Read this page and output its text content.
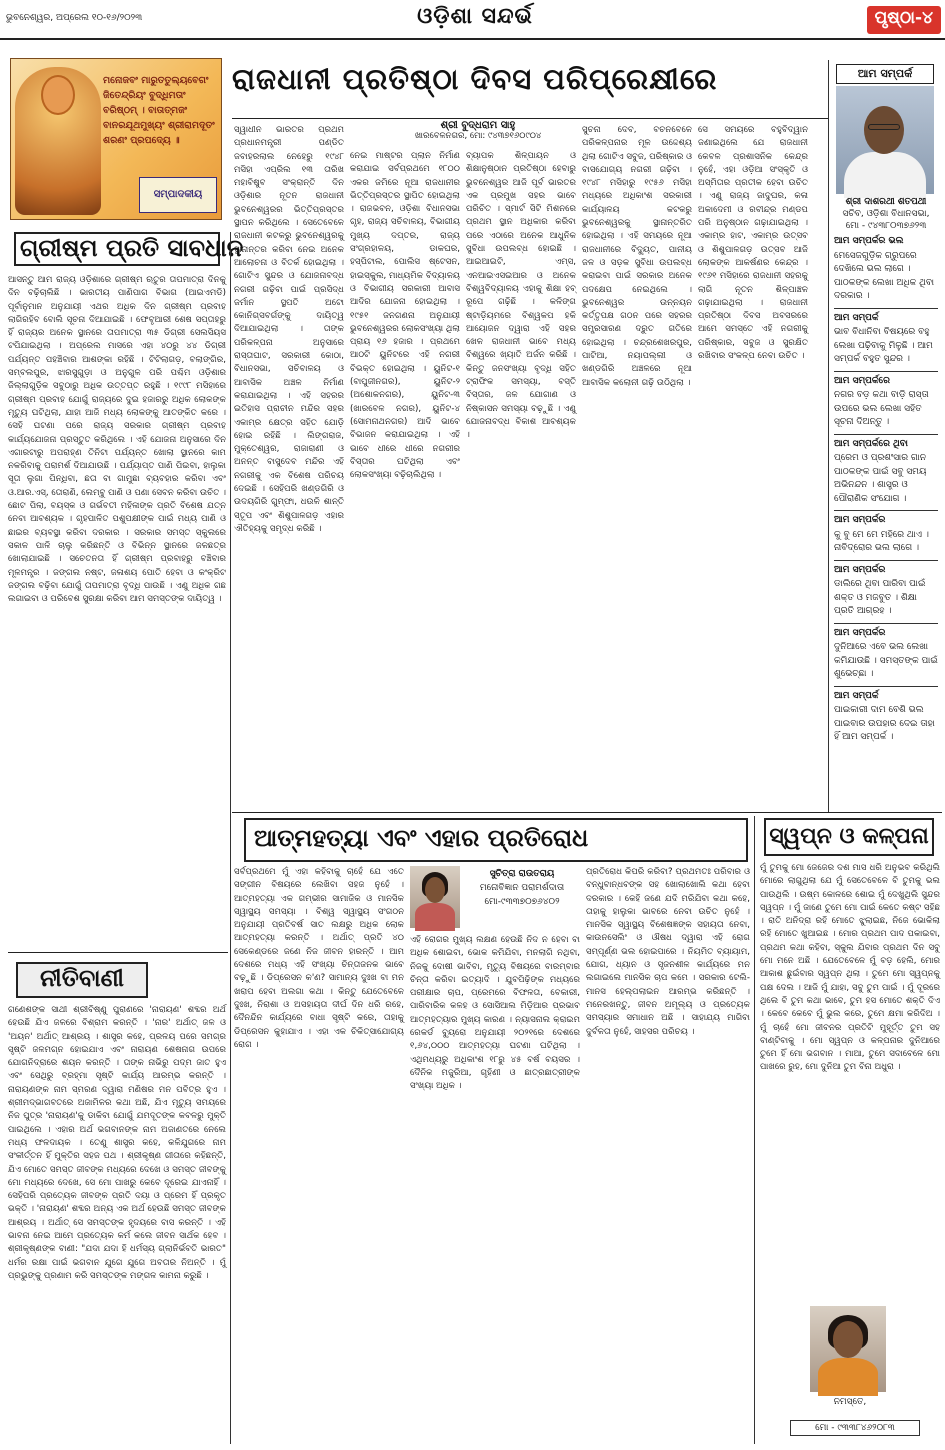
ଭୁବନେଶ୍ୱର, ଅପ୍ରେଲ ୧୦-୧୬/୨୦୨୩	ଓଡ଼ିଶା ସନ୍ଦର୍ଭ	ପୃଷ୍ଠା-୪
ମନୋଜବଂ ମାରୁତତୁଲ୍ୟବେଗଂ ଜିତେନ୍ଦ୍ରିୟଂ ବୁଦ୍ଧିମତାଂ ବରିଷ୍ଠମ୍ । ବାତାତ୍ମଜଂ ବାନରଯୂଥମୁଖ୍ୟଂ ଶ୍ରୀରାମଦୂତଂ ଶରଣଂ ପ୍ରପଦ୍ୟେ ॥
ସମ୍ପାଦକୀୟ
ଗ୍ରୀଷ୍ମ ପ୍ରତି ସାବଧାନ
ଆସନ୍ତୁ ଆମ ରାଜ୍ୟ ଓଡ଼ିଶାରେ ଗ୍ରୀଷ୍ମ ଋତୁର ତାପମାତ୍ରା ଦିନକୁ ଦିନ ବଢ଼ିଚାଲିଛି । ଭାରତୀୟ ପାଣିପାଗ ବିଭାଗ (ଆଇଏମଡି) ପୂର୍ବାନୁମାନ ଅନୁଯାୟୀ ଏଥର ଅଧିକ ଦିନ ଗ୍ରୀଷ୍ମ ପ୍ରବାହ ଲାଗିରହିବ ବୋଲି ସୂଚନା ଦିଆଯାଇଛି । ଫେବୃଆରୀ ଶେଷ ସପ୍ତାହରୁ ହିଁ ରାଜ୍ୟର ଅନେକ ସ୍ଥାନରେ ତାପମାତ୍ରା ୩୫ ଡିଗ୍ରୀ ସେଲସିୟସ ଟପିଯାଇଥିଲା । ଅପ୍ରେଲ ମାସରେ ଏହା ୪୦ରୁ ୪୪ ଡିଗ୍ରୀ ପର୍ଯ୍ୟନ୍ତ ପହଞ୍ଚିବାର ଆଶଙ୍କା ରହିଛି । ଟିଟିଲାଗଡ଼, ବଲାଙ୍ଗିର, ସମ୍ବଲପୁର, ଝାରସୁଗୁଡ଼ା ଓ ଅନୁଗୁଳ ପରି ପଶ୍ଚିମ ଓଡ଼ିଶାର ଜିଲ୍ଲାଗୁଡ଼ିକ ସବୁଠାରୁ ଅଧିକ ଉତ୍ତପ୍ତ ରହୁଛି । ୧୯୯୮ ମସିହାରେ ଗ୍ରୀଷ୍ମ ପ୍ରବାହ ଯୋଗୁଁ ରାଜ୍ୟରେ ଦୁଇ ହଜାରରୁ ଅଧିକ ଲୋକଙ୍କ ମୃତ୍ୟୁ ଘଟିଥିଲା, ଯାହା ଆଜି ମଧ୍ୟ ଲୋକଙ୍କୁ ଆତଙ୍କିତ କରେ । ସେହି ଘଟଣା ପରେ ରାଜ୍ୟ ସରକାର ଗ୍ରୀଷ୍ମ ପ୍ରବାହ କାର୍ଯ୍ୟଯୋଜନା ପ୍ରସ୍ତୁତ କରିଥିଲେ । ଏହି ଯୋଜନା ଅନୁସାରେ ଦିନ ଏଗାରଟାରୁ ଅପରାହ୍ଣ ତିନିଟା ପର୍ଯ୍ୟନ୍ତ ଖୋଲା ସ୍ଥାନରେ କାମ ନକରିବାକୁ ପରାମର୍ଶ ଦିଆଯାଉଛି । ପର୍ଯ୍ୟାପ୍ତ ପାଣି ପିଇବା, ହାଲୁକା ସୂତା ଲୁଗା ପିନ୍ଧିବା, ଛତା ବା ଗାମୁଛା ବ୍ୟବହାର କରିବା ଏବଂ ଓ.ଆର.ଏସ୍, ତୋରାଣି, ଲେମ୍ବୁ ପାଣି ଓ ପଣା ସେବନ କରିବା ଉଚିତ । ଛୋଟ ପିଲା, ବୟସ୍କ ଓ ଗର୍ଭବତୀ ମହିଳାଙ୍କ ପ୍ରତି ବିଶେଷ ଯତ୍ନ ନେବା ଆବଶ୍ୟକ । ଗୃହପାଳିତ ପଶୁପକ୍ଷୀଙ୍କ ପାଇଁ ମଧ୍ୟ ପାଣି ଓ ଛାଇର ବ୍ୟବସ୍ଥା କରିବା ଦରକାର । ସରକାର ସମସ୍ତ ସ୍କୁଲରେ ସକାଳ ପାଳି ଚାଲୁ କରିଛନ୍ତି ଓ ବିଭିନ୍ନ ସ୍ଥାନରେ ଜଳଛତ୍ର ଖୋଲାଯାଇଛି । ସଚେତନତା ହିଁ ଗ୍ରୀଷ୍ମ ପ୍ରବାହରୁ ବଞ୍ଚିବାର ମୂଳମନ୍ତ୍ର । ଜଙ୍ଗଲ ନଷ୍ଟ, ଜଳାଶୟ ପୋତି ହେବା ଓ କଂକ୍ରିଟ ଜଙ୍ଗଲ ବଢ଼ିବା ଯୋଗୁଁ ତାପମାତ୍ରା ବୃଦ୍ଧି ପାଉଛି । ଏଣୁ ଅଧିକ ଗଛ ଲଗାଇବା ଓ ପରିବେଶ ସୁରକ୍ଷା କରିବା ଆମ ସମସ୍ତଙ୍କ ଦାୟିତ୍ୱ ।
ନୀତିବାଣୀ
ଗଣେଶଙ୍କ ସାଥୀ ଶ୍ରୀବିଷ୍ଣୁ ପୁରାଣରେ 'ନାରାୟଣ' ଶବ୍ଦର ଅର୍ଥ ହେଉଛି ଯିଏ ଜଳରେ ବିଶ୍ରାମ କରନ୍ତି । 'ନାର' ଅର୍ଥାତ୍ ଜଳ ଓ 'ଅୟନ' ଅର୍ଥାତ୍ ଆଶ୍ରୟ । ଶାସ୍ତ୍ର କହେ, ପ୍ରଳୟ ପରେ ସମଗ୍ର ସୃଷ୍ଟି ଜଳମଗ୍ନ ହୋଇଯାଏ ଏବଂ ନାରାୟଣ ଶେଷନାଗ ଉପରେ ଯୋଗନିଦ୍ରାରେ ଶୟନ କରନ୍ତି । ତାଙ୍କ ନାଭିରୁ ପଦ୍ମ ଜାତ ହୁଏ ଏବଂ ସେଥିରୁ ବ୍ରହ୍ମା ସୃଷ୍ଟି କାର୍ଯ୍ୟ ଆରମ୍ଭ କରନ୍ତି । ନାରାୟଣଙ୍କ ନାମ ସ୍ମରଣ ଦ୍ୱାରା ମଣିଷର ମନ ପବିତ୍ର ହୁଏ । ଶ୍ରୀମଦ୍ଭାଗବତରେ ଅଜାମିଳର କଥା ଅଛି, ଯିଏ ମୃତ୍ୟୁ ସମୟରେ ନିଜ ପୁତ୍ର 'ନାରାୟଣ'କୁ ଡାକିବା ଯୋଗୁଁ ଯମଦୂତଙ୍କ କବଳରୁ ମୁକ୍ତି ପାଇଥିଲେ । ଏହାର ଅର୍ଥ ଭଗବାନଙ୍କ ନାମ ଅଜାଣତରେ ନେଲେ ମଧ୍ୟ ଫଳଦାୟକ । ତେଣୁ ଶାସ୍ତ୍ର କହେ, କଳିଯୁଗରେ ନାମ ସଂକୀର୍ତ୍ତନ ହିଁ ମୁକ୍ତିର ସହଜ ପଥ । ଶ୍ରୀକୃଷ୍ଣ ଗୀତାରେ କହିଛନ୍ତି, ଯିଏ ମୋତେ ସମସ୍ତ ଜୀବଙ୍କ ମଧ୍ୟରେ ଦେଖେ ଓ ସମସ୍ତ ଜୀବଙ୍କୁ ମୋ ମଧ୍ୟରେ ଦେଖେ, ସେ ମୋ ପାଖରୁ କେବେ ଦୂରେଇ ଯାଏନାହିଁ । ସେହିପରି ପ୍ରତ୍ୟେକ ଜୀବଙ୍କ ପ୍ରତି ଦୟା ଓ ପ୍ରେମ ହିଁ ପ୍ରକୃତ ଭକ୍ତି । 'ନାରାୟଣ' ଶବ୍ଦର ଅନ୍ୟ ଏକ ଅର୍ଥ ହେଉଛି ସମସ୍ତ ଜୀବଙ୍କ ଆଶ୍ରୟ । ଅର୍ଥାତ୍ ସେ ସମସ୍ତଙ୍କ ହୃଦୟରେ ବାସ କରନ୍ତି । ଏହି ଭାବନା ନେଇ ଆମେ ପ୍ରତ୍ୟେକ କର୍ମ କଲେ ଜୀବନ ସାର୍ଥକ ହେବ । ଶ୍ରୀକୃଷ୍ଣଙ୍କ ବାଣୀ: "ଯଦା ଯଦା ହି ଧର୍ମସ୍ୟ ଗ୍ଲାନିର୍ଭବତି ଭାରତ" ଧର୍ମର ରକ୍ଷା ପାଇଁ ଭଗବାନ ଯୁଗେ ଯୁଗେ ଅବତାର ନିଅନ୍ତି । ମୁଁ ପ୍ରଭୁଙ୍କୁ ପ୍ରଣାମ କରି ସମସ୍ତଙ୍କ ମଙ୍ଗଳ କାମନା କରୁଛି ।
ରାଜଧାନୀ ପ୍ରତିଷ୍ଠା ଦିବସ ପରିପ୍ରେକ୍ଷୀରେ
ଶ୍ରୀ ବୁଦ୍ଧରାମ ସାହୁ
ଖାରବେଳନଗର, ମୋ: ୯୪୩୭୧୬୦୯୦୪
ସ୍ୱାଧୀନ ଭାରତର ପ୍ରଥମ ପ୍ରଧାନମନ୍ତ୍ରୀ ପଣ୍ଡିତ ଜବାହରଲାଲ ନେହେରୁ ୧୯୪୮ ମସିହା ଏପ୍ରିଲ ୧୩ ତାରିଖ ମହାବିଷୁବ ସଂକ୍ରାନ୍ତି ଦିନ ଓଡ଼ିଶାର ନୂତନ ରାଜଧାନୀ ଭୁବନେଶ୍ୱରର ଭିତ୍ତିପ୍ରସ୍ତର ସ୍ଥାପନ କରିଥିଲେ । ସେତେବେଳେ ରାଜଧାନୀ କଟକରୁ ଭୁବନେଶ୍ୱରକୁ ସ୍ଥାନାନ୍ତର କରିବା ନେଇ ଅନେକ ଆଲୋଚନା ଓ ବିତର୍କ ହୋଇଥିଲା । ଗୋଟିଏ ସୁନ୍ଦର ଓ ଯୋଜନାବଦ୍ଧ ନଗରୀ ଗଢ଼ିବା ପାଇଁ ପ୍ରସିଦ୍ଧ ଜର୍ମାନ ସ୍ଥପତି ଅଟୋ କୋନିଗ୍ସବର୍ଗଙ୍କୁ ଦାୟିତ୍ୱ ଦିଆଯାଇଥିଲା । ତାଙ୍କ ପରିକଳ୍ପନା ଅନୁସାରେ ରାସ୍ତାଘାଟ, ସରକାରୀ କୋଠା, ବିଧାନସଭା, ସଚିବାଳୟ ଓ ଆବାସିକ ଅଞ୍ଚଳ ନିର୍ମାଣ କରାଯାଇଥିଲା । ଏହି ସହରର ଇତିହାସ ପ୍ରାଚୀନ ମନ୍ଦିର ସହର ଏକାମ୍ର କ୍ଷେତ୍ର ସହିତ ଯୋଡ଼ି ହୋଇ ରହିଛି । ଲିଙ୍ଗରାଜ, ମୁକ୍ତେଶ୍ୱର, ରାଜାରାଣୀ ଓ ଅନନ୍ତ ବାସୁଦେବ ମନ୍ଦିର ଏହି ନଗରୀକୁ ଏକ ବିଶେଷ ପରିଚୟ ଦେଇଛି । ସେହିପରି ଖଣ୍ଡଗିରି ଓ ଉଦୟଗିରି ଗୁମ୍ଫା, ଧଉଳି ଶାନ୍ତି ସ୍ତୂପ ଏବଂ ଶିଶୁପାଳଗଡ଼ ଏହାର ଐତିହ୍ୟକୁ ସମୃଦ୍ଧ କରିଛି ।
ନେଇ ମାଷ୍ଟର ପ୍ଲାନ ନିର୍ମାଣ କରାଯାଇ ସର୍ବପ୍ରଥମେ ୧୮୦୦ ଏକର ଜମିରେ ନୂଆ ରାଜଧାନୀର ଭିତ୍ତିପ୍ରସ୍ତର ସ୍ଥାପିତ ହୋଇଥିଲା । ରାଜଭବନ, ଓଡ଼ିଶା ବିଧାନସଭା ଗୃହ, ରାଜ୍ୟ ସଚିବାଳୟ, ବିଭାଗୀୟ ମୁଖ୍ୟ ଦପ୍ତର, ରାଜ୍ୟ ସଂଗ୍ରହାଳୟ, ଡାକଘର, ହସ୍ପିଟାଲ, ପୋଲିସ ଷ୍ଟେସନ, ହାଇସ୍କୁଲ, ମାଧ୍ୟମିକ ବିଦ୍ୟାଳୟ ଓ ବିଭାଗୀୟ ସରକାରୀ ଆବାସ ଆଦିର ଯୋଜନା ହୋଇଥିଲା । ୧୯୫୧ ଜନଗଣନା ଅନୁଯାୟୀ ଭୁବନେଶ୍ୱରର ଲୋକସଂଖ୍ୟା ଥିଲା ପ୍ରାୟ ୧୬ ହଜାର । ପ୍ରଥମେ ଆଠଟି ୟୁନିଟରେ ଏହି ନଗରୀ ବିଭକ୍ତ ହୋଇଥିଲା । ୟୁନିଟ-୧ (ବାପୁଜୀନଗର), ୟୁନିଟ-୨ (ଅଶୋକନଗର), ୟୁନିଟ-୩ (ଖାରବେଳ ନଗର), ୟୁନିଟ-୪ (ସୋମନାଥନଗର) ଆଦି ଭାବେ ବିଭାଜନ କରାଯାଇଥିଲା । ଏହି ଭାବେ ଧୀରେ ଧୀରେ ନଗରୀର ବିସ୍ତାର ଘଟିଥିଲା ଏବଂ ଲୋକସଂଖ୍ୟା ବଢ଼ିଚାଲିଥିଲା ।
ବ୍ୟାପକ ଶିଳ୍ପାୟନ ଓ ଶିକ୍ଷାନୁଷ୍ଠାନ ପ୍ରତିଷ୍ଠା ହେବାରୁ ଭୁବନେଶ୍ୱର ଆଜି ପୂର୍ବ ଭାରତର ଏକ ପ୍ରମୁଖ ସହର ଭାବେ ପରିଚିତ । ସ୍ମାର୍ଟ ସିଟି ମିଶନରେ ପ୍ରଥମ ସ୍ଥାନ ଅଧିକାର କରିବା ପରେ ଏଠାରେ ଅନେକ ଆଧୁନିକ ସୁବିଧା ଉପଲବ୍ଧ ହୋଇଛି । ଆଇଆଇଟି, ଏମ୍ସ, ଏନଆଇଏସଇଆର ଓ ଅନେକ ବିଶ୍ୱବିଦ୍ୟାଳୟ ଏହାକୁ ଶିକ୍ଷା ହବ୍ ରୂପେ ଗଢ଼ିଛି । କଳିଙ୍ଗ ଷ୍ଟାଡ଼ିୟମରେ ବିଶ୍ୱକପ ହକି ଆୟୋଜନ ଦ୍ୱାରା ଏହି ସହର ଖେଳ ରାଜଧାନୀ ଭାବେ ମଧ୍ୟ ବିଶ୍ୱରେ ଖ୍ୟାତି ଅର୍ଜନ କରିଛି । କିନ୍ତୁ ଜନସଂଖ୍ୟା ବୃଦ୍ଧି ସହିତ ଟ୍ରାଫିକ ସମସ୍ୟା, ବସ୍ତି ବିସ୍ତାର, ଜଳ ଯୋଗାଣ ଓ ନିଷ୍କାସନ ସମସ୍ୟା ବଢ଼ୁଛି । ଏଣୁ ଯୋଜନାବଦ୍ଧ ବିକାଶ ଆବଶ୍ୟକ ।
ସୁଚନା ଦେବ, ବଚନବେଳେ ପରିକଳ୍ପନାର ମୂଳ ଉଦ୍ଦେଶ୍ୟ ଥିଲା ଗୋଟିଏ ସବୁଜ, ପରିଷ୍କାର ଓ ବାସଯୋଗ୍ୟ ନଗରୀ ଗଢ଼ିବା । ୧୯୪୮ ମସିହାରୁ ୧୯୫୬ ମସିହା ମଧ୍ୟରେ ଅଧିକାଂଶ ସରକାରୀ କାର୍ଯ୍ୟାଳୟ କଟକରୁ ଭୁବନେଶ୍ୱରକୁ ସ୍ଥାନାନ୍ତରିତ ହୋଇଥିଲା । ଏହି ସମୟରେ ନୂଆ ରାଜଧାନୀରେ ବିଦ୍ୟୁତ, ପାନୀୟ ଜଳ ଓ ସଡ଼କ ସୁବିଧା ଉପଲବ୍ଧ କରାଇବା ପାଇଁ ସରକାର ଅନେକ ପଦକ୍ଷେପ ନେଇଥିଲେ । ଭୁବନେଶ୍ୱର ଉନ୍ନୟନ କର୍ତ୍ତୃପକ୍ଷ ଗଠନ ପରେ ସହରର ସମ୍ପ୍ରସାରଣ ଦ୍ରୁତ ଗତିରେ ହୋଇଥିଲା । ଚନ୍ଦ୍ରଶେଖରପୁର, ପାଟିଆ, ନୟାପଲ୍ଲୀ ଓ ଖଣ୍ଡଗିରି ଅଞ୍ଚଳରେ ନୂଆ ଆବାସିକ କଲୋନୀ ଗଢ଼ି ଉଠିଥିଲା ।
ସେ ସମୟରେ ବହୁବିଦ୍ୱାନ ଜଣାଇଥିଲେ ଯେ ରାଜଧାନୀ କେବଳ ପ୍ରଶାସନିକ କେନ୍ଦ୍ର ନୁହେଁ, ଏହା ଓଡ଼ିଆ ସଂସ୍କୃତି ଓ ଅସ୍ମିତାର ପ୍ରତୀକ ହେବା ଉଚିତ । ଏଣୁ ରାଜ୍ୟ ଜାଦୁଘର, କଳା ଅକାଦେମୀ ଓ ରବୀନ୍ଦ୍ର ମଣ୍ଡପ ପରି ଅନୁଷ୍ଠାନ ଗଢ଼ାଯାଇଥିଲା । ଏକାମ୍ର ହାଟ, ଏକାମ୍ର ଉତ୍ସବ ଓ ଶିଶୁପାଳଗଡ଼ ଉତ୍ସବ ଆଜି ଲୋକଙ୍କ ଆକର୍ଷଣର କେନ୍ଦ୍ର । ୧୯୬୧ ମସିହାରେ ରାଜଧାନୀ ସହରକୁ ଲାଗି ନୂତନ ଶିଳ୍ପାଞ୍ଚଳ ଗଢ଼ାଯାଇଥିଲା । ରାଜଧାନୀ ପ୍ରତିଷ୍ଠା ଦିବସ ଅବସରରେ ଆମେ ସମସ୍ତେ ଏହି ନଗରୀକୁ ପରିଷ୍କାର, ସବୁଜ ଓ ସୁରକ୍ଷିତ ରଖିବାର ସଂକଳ୍ପ ନେବା ଉଚିତ ।
ଆମ ସମ୍ପର୍କ
ଶ୍ରୀ ଦାଶରଥୀ ଶତପଥୀ
ସଚିବ, ଓଡ଼ିଶା ବିଧାନସଭା,
ମୋ - ୯୪୩୮୦୩୭୬୨୩
ଆମ ସମ୍ପର୍କର ଭଲ
ମେସେଜଗୁଡ଼ିକ ଗ୍ରୁପରେ ଦେଖିଲେ ଭଲ ଲାଗେ । ପାଠକଙ୍କ ଲେଖା ଅଧିକ ଥିବା ଦରକାର ।
ଆମ ସମ୍ପର୍କ
ଭାବ ବିଧାନିବା ବିଷୟରେ ବହୁ ଲେଖା ପଢ଼ିବାକୁ ମିଳୁଛି । ଆମ ସମ୍ପର୍କ ବହୁତ ସୁନ୍ଦର ।
ଆମ ସମ୍ପର୍କରେ
ନଗର ବଡ଼ କଥା ବାଡ଼ି ରାସ୍ତା ଉପରେ ଭଲ ଲେଖା ସହିତ ସୂଚନା ଦିଅନ୍ତୁ ।
ଆମ ସମ୍ପର୍କରେ ଥିବା
ପ୍ରେମ ଓ ପ୍ରଶଂସାର ଗାନ ପାଠକଙ୍କ ପାଇଁ ସବୁ ସମୟ ଅଭିନନ୍ଦନ । ଶାସ୍ତ୍ର ଓ ପୌରାଣିକ ସଂଯୋଗ ।
ଆମ ସମ୍ପର୍କର
କୁ ବୁ ମେ ମେ ମହିରେ ଥାଏ । ନାବିଦ୍ରୋର ଭଲ ଲାଗେ ।
ଆମ ସମ୍ପର୍କର
ଡାଲିରେ ଥିବା ପାରିବା ପାଇଁ ଶକ୍ତ ଓ ମଜବୁତ । ଶିକ୍ଷା ପ୍ରତି ଆଗ୍ରହ ।
ଆମ ସମ୍ପର୍କର
ଦୁନିଆରେ ଏବେ ଭଲ ଲେଖା କମିଯାଉଛି । ସମସ୍ତଙ୍କ ପାଇଁ ଶୁଭେଚ୍ଛା ।
ଆମ ସମ୍ପର୍କ
ପାଇକାରୀ ଦାମ ବେଶି ଭଲ ପାଇବାର ଉପହାର ଦେଇ ତାହା ହିଁ ଆମ ସମ୍ପର୍କ ।
ଆତ୍ମହତ୍ୟା ଏବଂ ଏହାର ପ୍ରତିରୋଧ
ସର୍ବପ୍ରଥମେ ମୁଁ ଏହା କହିବାକୁ ଚାହେଁ ଯେ ଏତେ ସଙ୍ଗୀନ ବିଷୟରେ ଲେଖିବା ସହଜ ନୁହେଁ । ଆତ୍ମହତ୍ୟା ଏକ ଗମ୍ଭୀର ସାମାଜିକ ଓ ମାନସିକ ସ୍ୱାସ୍ଥ୍ୟ ସମସ୍ୟା । ବିଶ୍ୱ ସ୍ୱାସ୍ଥ୍ୟ ସଂଗଠନ ଅନୁଯାୟୀ ପ୍ରତିବର୍ଷ ସାତ ଲକ୍ଷରୁ ଅଧିକ ଲୋକ ଆତ୍ମହତ୍ୟା କରନ୍ତି । ଅର୍ଥାତ୍ ପ୍ରତି ୪୦ ସେକେଣ୍ଡରେ ଜଣେ ନିଜ ଜୀବନ ହାରନ୍ତି । ଆମ ଦେଶରେ ମଧ୍ୟ ଏହି ସଂଖ୍ୟା ଚିନ୍ତାଜନକ ଭାବେ ବଢ଼ୁଛି । ଡିପ୍ରେସନ କ'ଣ? ସାମାନ୍ୟ ଦୁଃଖ ବା ମନ ଖରାପ ହେବା ଅଲଗା କଥା । କିନ୍ତୁ ଯେତେବେଳେ ଦୁଃଖ, ନିରାଶା ଓ ଅସହାୟତା ଦୀର୍ଘ ଦିନ ଧରି ରହେ, ଦୈନନ୍ଦିନ କାର୍ଯ୍ୟରେ ବାଧା ସୃଷ୍ଟି କରେ, ତାହାକୁ ଡିପ୍ରେସନ କୁହାଯାଏ । ଏହା ଏକ ଚିକିତ୍ସାଯୋଗ୍ୟ ରୋଗ ।
ସୁଚିତ୍ରା ରାଉତରାୟ
ମନୋବିଜ୍ଞାନ ପରାମର୍ଶଦାତା
ମୋ-୯୩୩୭୦୭୬୪୦୨
ଏହି ରୋଗର ମୁଖ୍ୟ ଲକ୍ଷଣ ହେଉଛି ନିଦ ନ ହେବା ବା ଅଧିକ ଶୋଇବା, ଭୋକ କମିଯିବା, ମନଲାଗି ନଥିବା, ନିଜକୁ ଦୋଷୀ ଭାବିବା, ମୃତ୍ୟୁ ବିଷୟରେ ବାରମ୍ବାର ଚିନ୍ତା କରିବା ଇତ୍ୟାଦି । ଯୁବପିଢ଼ିଙ୍କ ମଧ୍ୟରେ ପରୀକ୍ଷାର ଚାପ, ପ୍ରେମରେ ବିଫଳତା, ବେକାରୀ, ପାରିବାରିକ କଳହ ଓ ସୋସିଆଲ ମିଡ଼ିଆର ପ୍ରଭାବ ଆତ୍ମହତ୍ୟାର ମୁଖ୍ୟ କାରଣ । ନ୍ୟାସନାଲ କ୍ରାଇମ ରେକର୍ଡ ବ୍ୟୁରୋ ଅନୁଯାୟୀ ୨୦୨୧ରେ ଦେଶରେ ୧,୬୪,୦୦୦ ଆତ୍ମହତ୍ୟା ଘଟଣା ଘଟିଥିଲା । ଏଥିମଧ୍ୟରୁ ଅଧିକାଂଶ ୧୮ରୁ ୪୫ ବର୍ଷ ବୟସର । ଦୈନିକ ମଜୁରିଆ, ଗୃହିଣୀ ଓ ଛାତ୍ରଛାତ୍ରୀଙ୍କ ସଂଖ୍ୟା ଅଧିକ ।
ପ୍ରତିରୋଧ କିପରି କରିବା? ପ୍ରଥମତଃ ପରିବାର ଓ ବନ୍ଧୁବାନ୍ଧବଙ୍କ ସହ ଖୋଲାଖୋଲି କଥା ହେବା ଦରକାର । କେହି ଜଣେ ଯଦି ମରିଯିବା କଥା କହେ, ତାହାକୁ ହାଲୁକା ଭାବରେ ନେବା ଉଚିତ ନୁହେଁ । ମାନସିକ ସ୍ୱାସ୍ଥ୍ୟ ବିଶେଷଜ୍ଞଙ୍କ ସହାୟତା ନେବା, କାଉନସେଲିଂ ଓ ଔଷଧ ଦ୍ୱାରା ଏହି ରୋଗ ସମ୍ପୂର୍ଣ୍ଣ ଭଲ ହୋଇପାରେ । ନିୟମିତ ବ୍ୟାୟାମ, ଯୋଗ, ଧ୍ୟାନ ଓ ସୃଜନଶୀଳ କାର୍ଯ୍ୟରେ ମନ ଲଗାଇଲେ ମାନସିକ ଚାପ କମେ । ସରକାର ଟେଲି-ମାନସ ହେଲ୍ପଲାଇନ ଆରମ୍ଭ କରିଛନ୍ତି । ମନେରଖନ୍ତୁ, ଜୀବନ ଅମୂଲ୍ୟ ଓ ପ୍ରତ୍ୟେକ ସମସ୍ୟାର ସମାଧାନ ଅଛି । ସାହାଯ୍ୟ ମାଗିବା ଦୁର୍ବଳତା ନୁହେଁ, ସାହସର ପରିଚୟ ।
ସ୍ୱପ୍ନ ଓ କଳ୍ପନା
ମୁଁ ତୁମକୁ ମୋ ଜେଜେର ଦଶ ମାସ ଧରି ଅନୁଭବ କରିଥିଲି ମୋରେ ଲାଗୁଥିଲା ଯେ ମୁଁ ସେତେବେଳେ ବି ତୁମକୁ ଭଲ ପାଉଥିଲି । ଉଷ୍ମ କୋଳରେ ଶୋଇ ମୁଁ ଦେଖୁଥିଲି ସୁନ୍ଦର ସ୍ୱପ୍ନ । ମୁଁ ଜାଣେ ତୁମେ ମୋ ପାଇଁ କେତେ କଷ୍ଟ ସହିଛ । ରାତି ଅନିଦ୍ରା ରହି ମୋତେ ଝୁଲାଇଛ, ନିଜେ ଭୋକିଲା ରହି ମୋତେ ଖୁଆଇଛ । ମୋର ପ୍ରଥମ ପାଦ ପକାଇବା, ପ୍ରଥମ କଥା କହିବା, ସ୍କୁଲ ଯିବାର ପ୍ରଥମ ଦିନ ସବୁ ମୋ ମନେ ଅଛି । ଯେତେବେଳେ ମୁଁ ବଡ଼ ହେଲି, ମୋର ଆକାଶ ଛୁଇଁବାର ସ୍ୱପ୍ନ ଥିଲା । ତୁମେ ମୋ ସ୍ୱପ୍ନକୁ ପକ୍ଷ ଦେଲ । ଆଜି ମୁଁ ଯାହା, ସବୁ ତୁମ ପାଇଁ । ମୁଁ ଦୂରରେ ଥିଲେ ବି ତୁମ କଥା ଭାବେ, ତୁମ ହସ ମୋତେ ଶକ୍ତି ଦିଏ । କେବେ କେବେ ମୁଁ ଭୁଲ କରେ, ତୁମେ କ୍ଷମା କରିଦିଅ । ମୁଁ ଚାହେଁ ମୋ ଜୀବନର ପ୍ରତିଟି ମୁହୂର୍ତ୍ତ ତୁମ ସହ ବାଣ୍ଟିବାକୁ । ମୋ ସ୍ୱପ୍ନ ଓ କଳ୍ପନାର ଦୁନିଆରେ ତୁମେ ହିଁ ମୋ ଭଗବାନ । ମାଆ, ତୁମେ ସଦାବେଳେ ମୋ ପାଖରେ ରୁହ, ମୋ ଦୁନିଆ ତୁମ ବିନା ଅଧୁରା ।
ନମସ୍ତେ,
ମୋ - ୯୩୩୮୪୬୨୦୮୩
